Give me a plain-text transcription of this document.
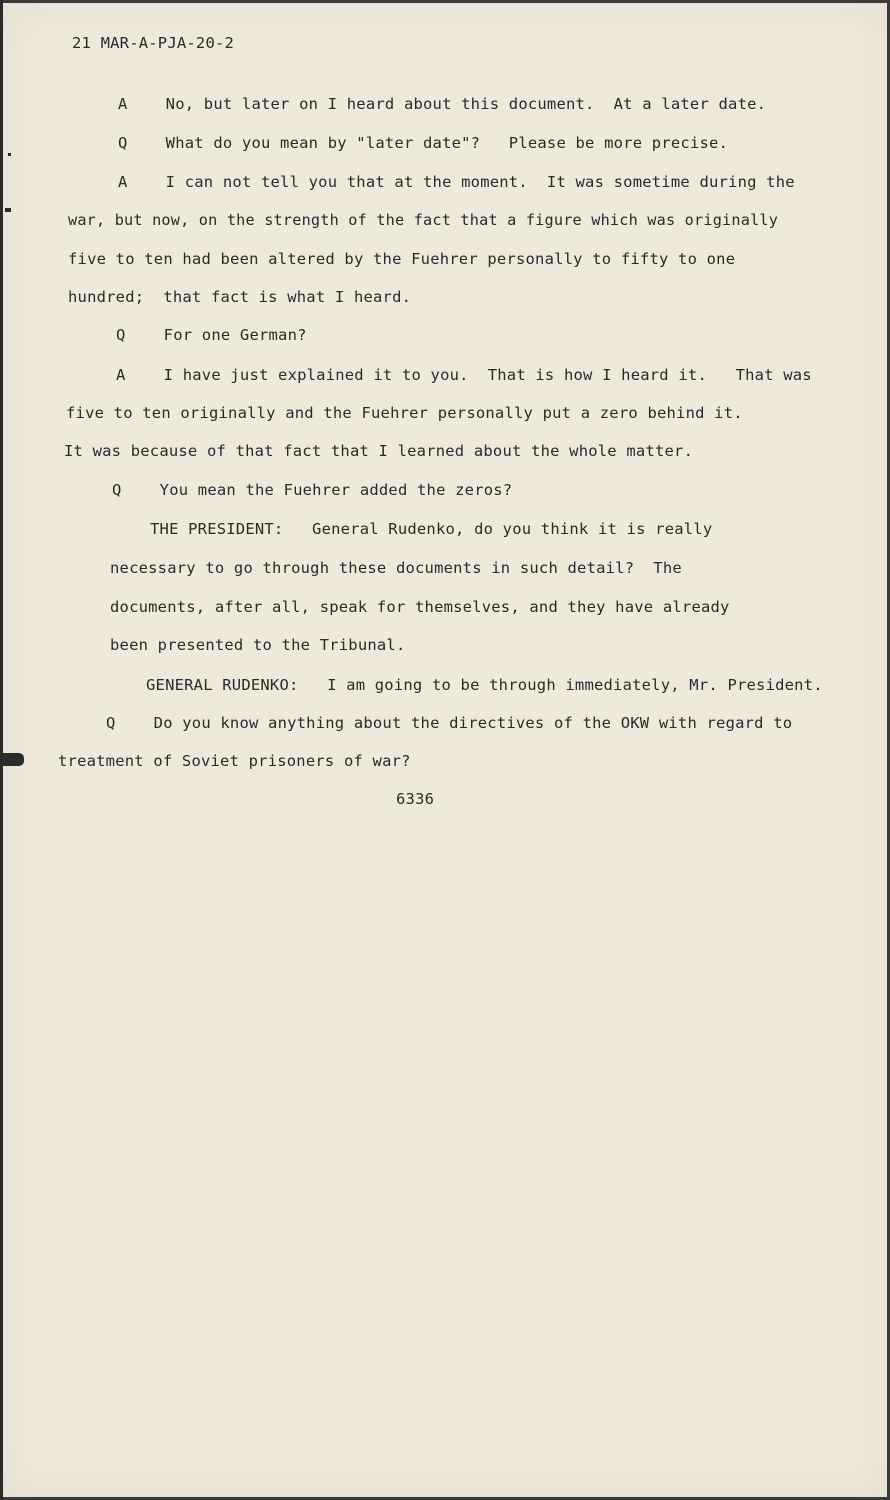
21 MAR-A-PJA-20-2
A    No, but later on I heard about this document.  At a later date.
Q    What do you mean by "later date"?   Please be more precise.
A    I can not tell you that at the moment.  It was sometime during the
war, but now, on the strength of the fact that a figure which was originally
five to ten had been altered by the Fuehrer personally to fifty to one
hundred;  that fact is what I heard.
Q    For one German?
A    I have just explained it to you.  That is how I heard it.   That was
five to ten originally and the Fuehrer personally put a zero behind it.
It was because of that fact that I learned about the whole matter.
Q    You mean the Fuehrer added the zeros?
THE PRESIDENT:   General Rudenko, do you think it is really
necessary to go through these documents in such detail?  The
documents, after all, speak for themselves, and they have already
been presented to the Tribunal.
GENERAL RUDENKO:   I am going to be through immediately, Mr. President.
Q    Do you know anything about the directives of the OKW with regard to
treatment of Soviet prisoners of war?
6336
